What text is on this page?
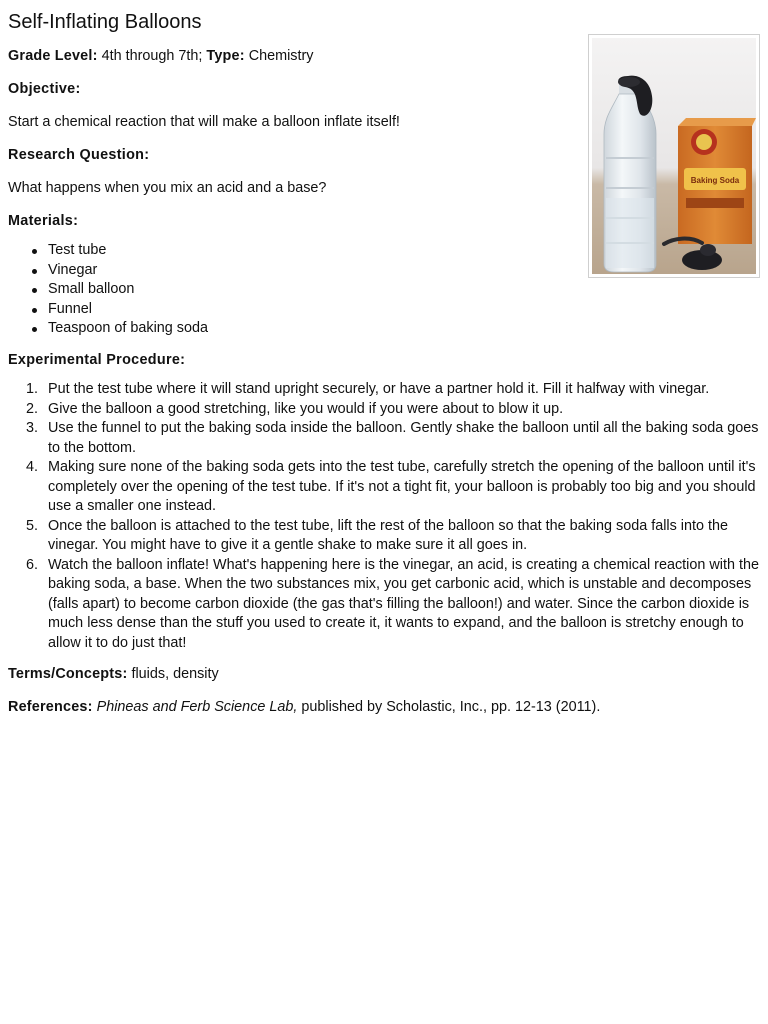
Self-Inflating Balloons
Baking Soda

Grade Level: 4th through 7th; Type: Chemistry

Objective:

Start a chemical reaction that will make a balloon inflate itself!

Research Question:

What happens when you mix an acid and a base?

Materials:
Test tube
Vinegar
Small balloon
Funnel
Teaspoon of baking soda
Experimental Procedure:
Put the test tube where it will stand upright securely, or have a partner hold it. Fill it halfway with vinegar.
Give the balloon a good stretching, like you would if you were about to blow it up.
Use the funnel to put the baking soda inside the balloon. Gently shake the balloon until all the baking soda goes to the bottom.
Making sure none of the baking soda gets into the test tube, carefully stretch the opening of the balloon until it's completely over the opening of the test tube. If it's not a tight fit, your balloon is probably too big and you should use a smaller one instead.
Once the balloon is attached to the test tube, lift the rest of the balloon so that the baking soda falls into the vinegar. You might have to give it a gentle shake to make sure it all goes in.
Watch the balloon inflate! What's happening here is the vinegar, an acid, is creating a chemical reaction with the baking soda, a base. When the two substances mix, you get carbonic acid, which is unstable and decomposes (falls apart) to become carbon dioxide (the gas that's filling the balloon!) and water. Since the carbon dioxide is much less dense than the stuff you used to create it, it wants to expand, and the balloon is stretchy enough to allow it to do just that!

Terms/Concepts: fluids, density

References: Phineas and Ferb Science Lab, published by Scholastic, Inc., pp. 12-13 (2011).
